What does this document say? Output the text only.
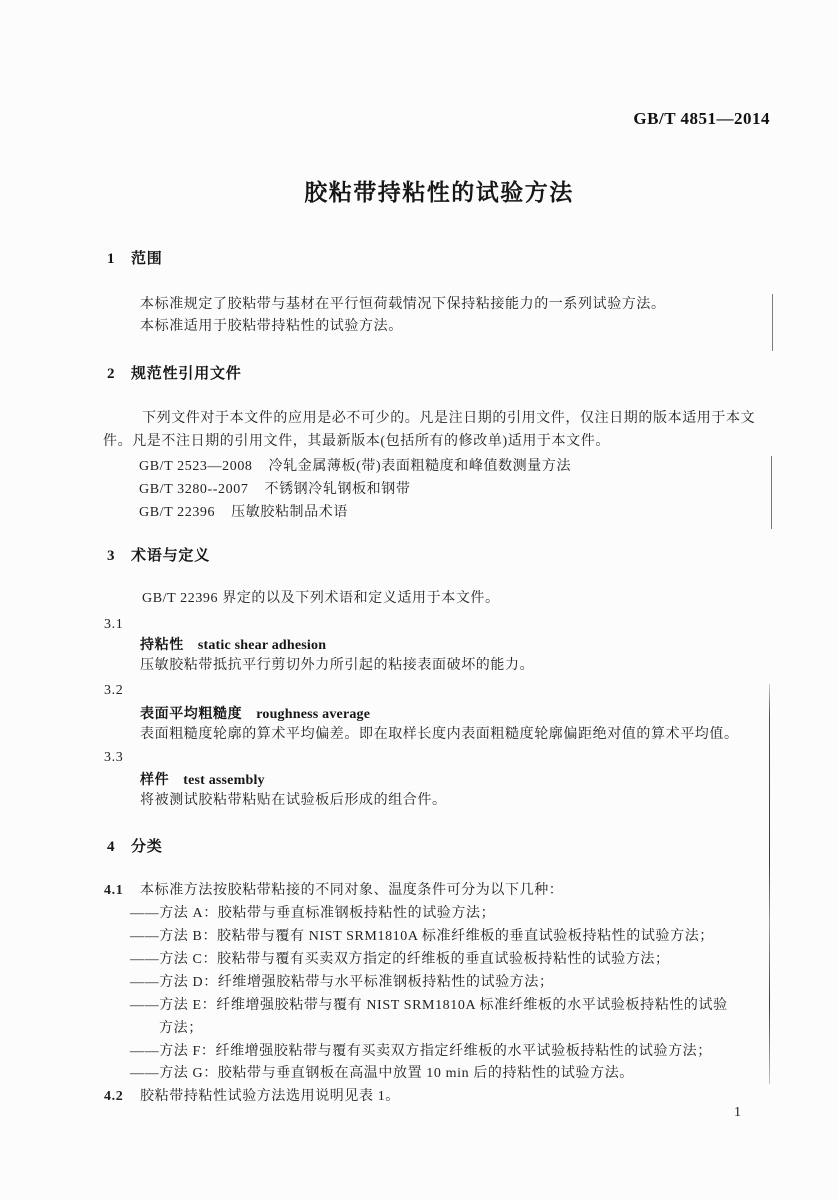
GB/T 4851—2014
胶粘带持粘性的试验方法
1 范围
本标准规定了胶粘带与基材在平行恒荷载情况下保持粘接能力的一系列试验方法。
本标准适用于胶粘带持粘性的试验方法。
2 规范性引用文件
下列文件对于本文件的应用是必不可少的。凡是注日期的引用文件，仅注日期的版本适用于本文
件。凡是不注日期的引用文件，其最新版本(包括所有的修改单)适用于本文件。
GB/T 2523—2008 冷轧金属薄板(带)表面粗糙度和峰值数测量方法
GB/T 3280--2007 不锈钢冷轧钢板和钢带
GB/T 22396 压敏胶粘制品术语
3 术语与定义
GB/T 22396 界定的以及下列术语和定义适用于本文件。
3.1
持粘性 static shear adhesion
压敏胶粘带抵抗平行剪切外力所引起的粘接表面破坏的能力。
3.2
表面平均粗糙度 roughness average
表面粗糙度轮廓的算术平均偏差。即在取样长度内表面粗糙度轮廓偏距绝对值的算术平均值。
3.3
样件 test assembly
将被测试胶粘带粘贴在试验板后形成的组合件。
4 分类
4.1 本标准方法按胶粘带粘接的不同对象、温度条件可分为以下几种：
——方法 A：胶粘带与垂直标准钢板持粘性的试验方法；
——方法 B：胶粘带与覆有 NIST SRM1810A 标准纤维板的垂直试验板持粘性的试验方法；
——方法 C：胶粘带与覆有买卖双方指定的纤维板的垂直试验板持粘性的试验方法；
——方法 D：纤维增强胶粘带与水平标准钢板持粘性的试验方法；
——方法 E：纤维增强胶粘带与覆有 NIST SRM1810A 标准纤维板的水平试验板持粘性的试验
方法；
——方法 F：纤维增强胶粘带与覆有买卖双方指定纤维板的水平试验板持粘性的试验方法；
——方法 G：胶粘带与垂直钢板在高温中放置 10 min 后的持粘性的试验方法。
4.2 胶粘带持粘性试验方法选用说明见表 1。
1
